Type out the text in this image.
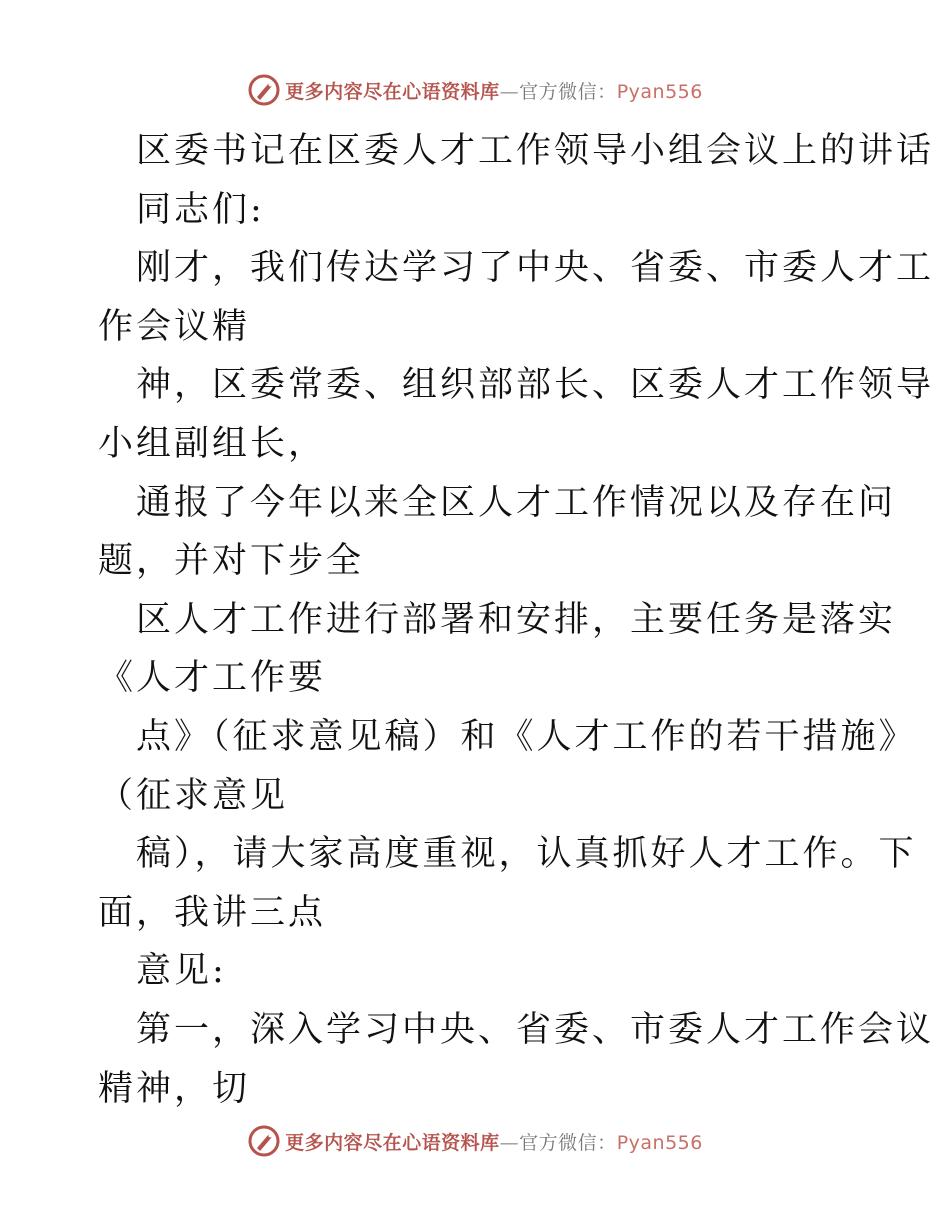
更多内容尽在心语资料库—官方微信：Pyan556
区委书记在区委人才工作领导小组会议上的讲话
同志们:
刚才，我们传达学习了中央、省委、市委人才工
作会议精
神，区委常委、组织部部长、区委人才工作领导
小组副组长，
通报了今年以来全区人才工作情况以及存在问
题，并对下步全
区人才工作进行部署和安排，主要任务是落实
《人才工作要
点》（征求意见稿）和《人才工作的若干措施》
（征求意见
稿），请大家高度重视，认真抓好人才工作。下
面，我讲三点
意见:
第一，深入学习中央、省委、市委人才工作会议
精神，切
更多内容尽在心语资料库—官方微信：Pyan556
